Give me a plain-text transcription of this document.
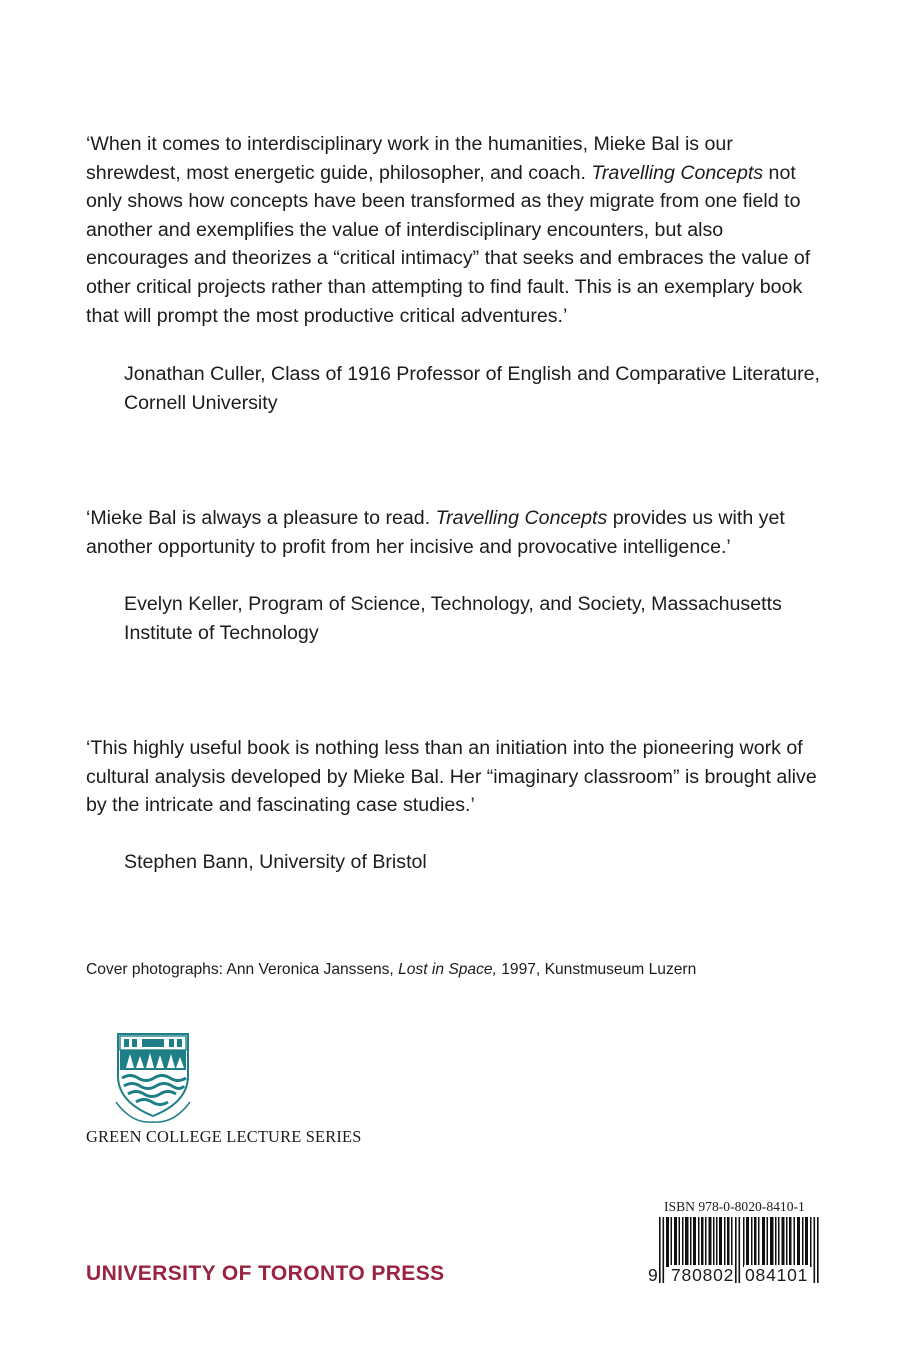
‘When it comes to interdisciplinary work in the humanities, Mieke Bal is our shrewdest, most energetic guide, philosopher, and coach. Travelling Concepts not only shows how concepts have been transformed as they migrate from one field to another and exemplifies the value of interdisciplinary encounters, but also encourages and theorizes a “critical intimacy” that seeks and embraces the value of other critical projects rather than attempting to find fault. This is an exemplary book that will prompt the most productive critical adventures.’

Jonathan Culler, Class of 1916 Professor of English and Comparative Literature, Cornell University

‘Mieke Bal is always a pleasure to read. Travelling Concepts provides us with yet another opportunity to profit from her incisive and provocative intelligence.’

Evelyn Keller, Program of Science, Technology, and Society, Massachusetts Institute of Technology

‘This highly useful book is nothing less than an initiation into the pioneering work of cultural analysis developed by Mieke Bal. Her “imaginary classroom” is brought alive by the intricate and fascinating case studies.’

Stephen Bann, University of Bristol

Cover photographs: Ann Veronica Janssens, Lost in Space, 1997, Kunstmuseum Luzern

GREEN COLLEGE LECTURE SERIES

ISBN 978-0-8020-8410-1
9 780802 084101
UNIVERSITY OF TORONTO PRESS
